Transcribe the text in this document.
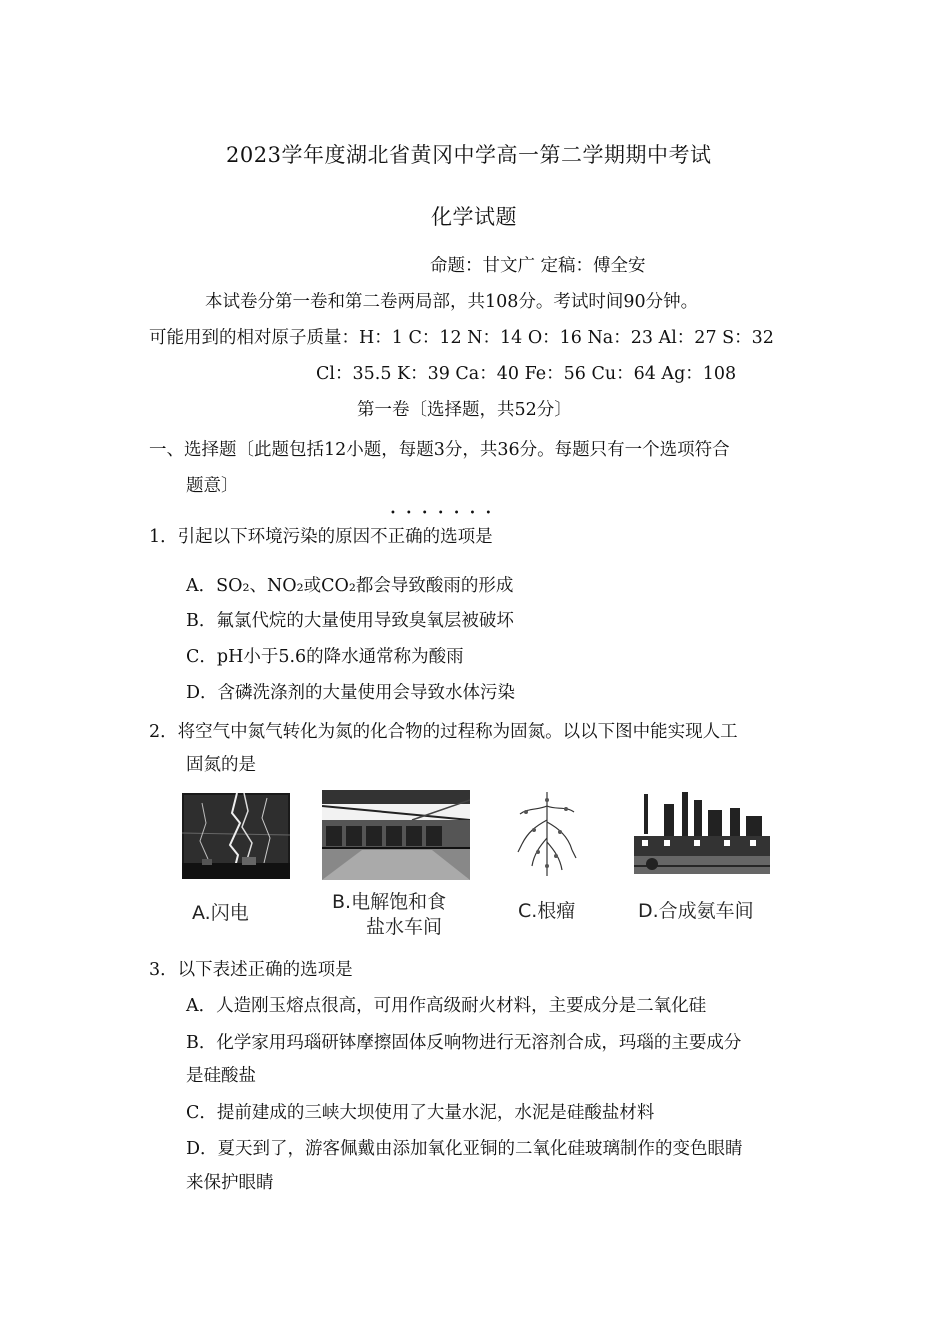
2023学年度湖北省黄冈中学高一第二学期期中考试
化学试题
命题：甘文广 定稿：傅全安
本试卷分第一卷和第二卷两局部，共108分。考试时间90分钟。
可能用到的相对原子质量：H：1 C：12 N：14 O：16 Na：23 Al：27 S：32
Cl：35.5 K：39 Ca：40 Fe：56 Cu：64 Ag：108
第一卷〔选择题，共52分〕
一、选择题〔此题包括12小题，每题3分，共36分。每题只有一个选项符合
题意〕
•••••••
1．引起以下环境污染的原因不正确的选项是
A．SO₂、NO₂或CO₂都会导致酸雨的形成
B．氟氯代烷的大量使用导致臭氧层被破坏
C．pH小于5.6的降水通常称为酸雨
D．含磷洗涤剂的大量使用会导致水体污染
2．将空气中氮气转化为氮的化合物的过程称为固氮。以以下图中能实现人工
固氮的是
A.闪电	B.电解饱和食
盐水车间
C.根瘤	D.合成氨车间
3．以下表述正确的选项是
A．人造刚玉熔点很高，可用作高级耐火材料，主要成分是二氧化硅
B．化学家用玛瑙研钵摩擦固体反响物进行无溶剂合成，玛瑙的主要成分
是硅酸盐
C．提前建成的三峡大坝使用了大量水泥，水泥是硅酸盐材料
D．夏天到了，游客佩戴由添加氧化亚铜的二氧化硅玻璃制作的变色眼睛
来保护眼睛
